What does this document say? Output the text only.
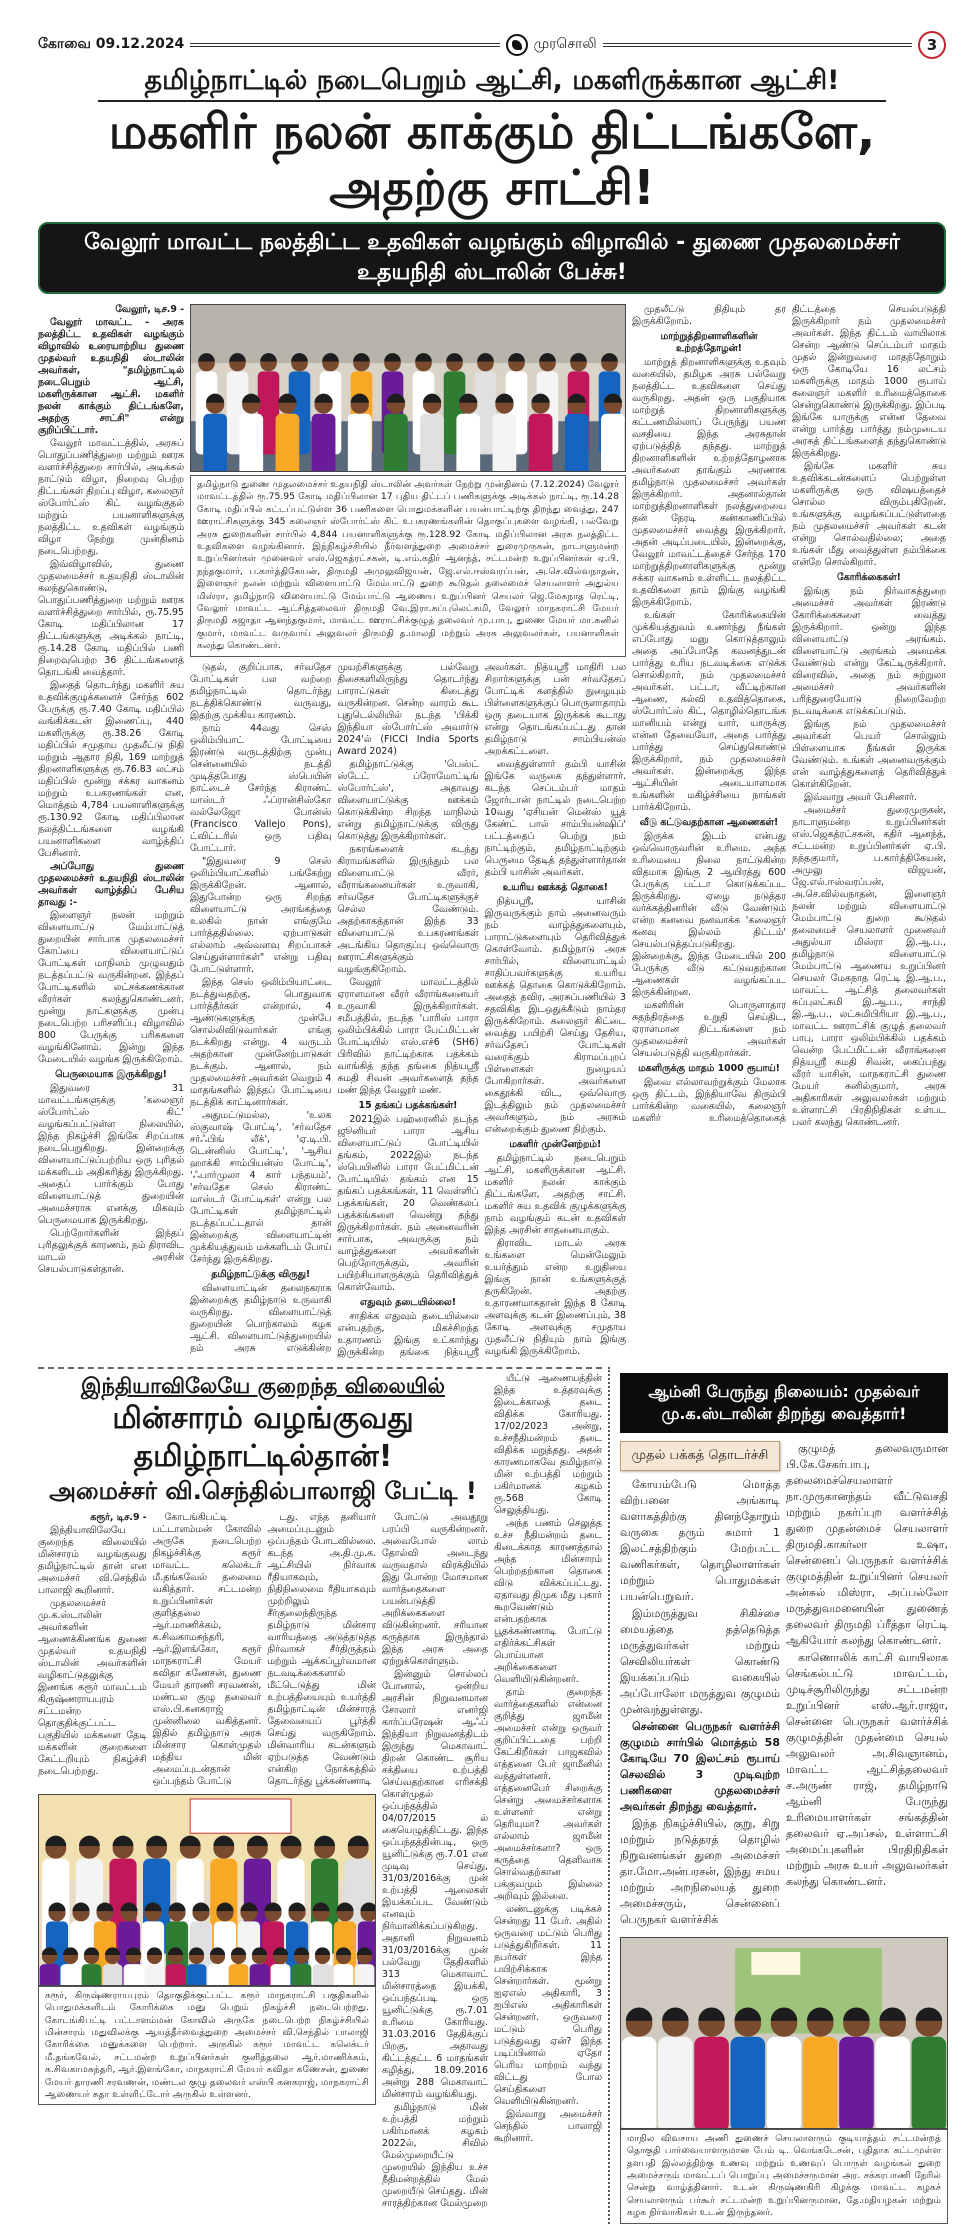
கோவை 09.12.2024	முரசொலி	3
தமிழ்நாட்டில் நடைபெறும் ஆட்சி, மகளிருக்கான ஆட்சி!
மகளிர் நலன் காக்கும் திட்டங்களே, அதற்கு சாட்சி!
வேலூர் மாவட்ட நலத்திட்ட உதவிகள் வழங்கும் விழாவில் - துணை முதலமைச்சர் உதயநிதி ஸ்டாலின் பேச்சு!

வேலூர், டிச.9 -

வேலூர் மாவட்ட - அரசு நலத்திட்ட உதவிகள் வழங்கும் விழாவில் உரையாற்றிய துணை முதல்வர் உதயநிதி ஸ்டாலின் அவர்கள், "தமிழ்நாட்டில் நடைபெறும் ஆட்சி, மகளிருக்கான ஆட்சி. மகளிர் நலன் காக்கும் திட்டங்களே, அதற்கு சாட்சி" என்று குறிப்பிட்டார்.

வேலூர் மாவட்டத்தில், அரசுப் பொதுப்பணித்துறை மற்றும் ஊரக வளர்ச்சித்துறை சார்பில், அடிக்கல் நாட்டும் விழா, நிறைவு பெற்ற திட்டங்கள் திறப்பு விழா, கலைஞர் ஸ்போர்ட்ஸ் கிட் வழங்குதல் மற்றும் பயனாளிகளுக்கு நலத்திட்ட உதவிகள் வழங்கும் விழா நேற்று முன்தினம் நடைபெற்றது.

இவ்விழாவில், துணை முதலமைச்சர் உதயநிதி ஸ்டாலின் கலந்துகொண்டு, பொதுப்பணித்துறை மற்றும் ஊரக வளர்ச்சித்துறை சார்பில், ரூ.75.95 கோடி மதிப்பிலான 17 திட்டங்களுக்கு அடிக்கல் நாட்டி, ரூ.14.28 கோடி மதிப்பில் பணி நிறைவுபெற்ற 36 திட்டங்களைத் தொடங்கி வைத்தார்.

இதைத் தொடர்ந்து மகளிர் சுய உதவிக்குழுக்களைச் சேர்ந்த 602 பேருக்கு ரூ.7.40 கோடி மதிப்பில் வங்கிக்கடன் இணைப்பு, 440 மகளிருக்கு ரூ.38.26 கோடி மதிப்பில் சமுதாய முதலீட்டு நிதி மற்றும் ஆதார நிதி, 169 மாற்றுத் திறனாளிகளுக்கு ரூ.76.83 லட்சம் மதிப்பில் மூன்று சக்கர வாகனம் மற்றும் உபகரணங்கள் என, மொத்தம் 4,784 பயனாளிகளுக்கு ரூ.130.92 கோடி மதிப்பிலான நலத்திட்டங்களை வழங்கி பயனாளிகளை வாழ்த்திப் பேசினார்.

அப்போது துணை முதலமைச்சர் உதயநிதி ஸ்டாலின் அவர்கள் வாழ்த்திப் பேசிய தாவது :-

இளைஞர் நலன் மற்றும் விளையாட்டு மேம்பாட்டுத் துறையின் சார்பாக முதலமைச்சர் கோப்பை விளையாட்டுப் போட்டிகள் மாநிலம் முழுவதும் நடத்தப்பட்டு வருகின்றன. இந்தப் போட்டிகளில் லட்சக்கணக்கான வீரர்கள் கலந்துகொண்டனர். மூன்று நாட்களுக்கு முன்பு நடைபெற்ற பரிசளிப்பு விழாவில் 800 பேருக்கு பரிசுகளை வழங்கினோம். இன்று இந்த மேடையில் வழங்க இருக்கிறோம்.

பெருமையாக இருக்கிறது!

இதுவரை 31 மாவட்டங்களுக்கு 'கலைஞர் ஸ்போர்ட்ஸ் கிட்' வழங்கப்பட்டுள்ள நிலையில், இந்த நிகழ்ச்சி இங்கே சிறப்பாக நடைபெறுகிறது. இன்றைக்கு விளையாட்டுப்பற்றிய ஒரு புரிதல் மக்களிடம் அதிகரித்து இருக்கிறது. அதைப் பார்க்கும் போது விளையாட்டுத் துறையின் அமைச்சராக எனக்கு மிகவும் பெருமையாக இருக்கிறது.

பெற்றோர்களின் இந்தப் புரிதலுக்குக் காரணம், நம் திராவிட மாடல் அரசின் செயல்பாடுகள்தான்.

தமிழ்நாடு துணை முதலமைச்சர் உதயநிதி ஸ்டாலின் அவர்கள் நேற்று முன்தினம் (7.12.2024) வேலூர் மாவட்டத்தில் ரூ.75.95 கோடி மதிப்பிலான 17 புதிய திட்டப் பணிகளுக்கு அடிக்கல் நாட்டி, ரூ.14.28 கோடி மதிப்பில் கட்டப்பட்டுள்ள 36 பணிகளை பொதுமக்களின் பயன்பாட்டிற்கு திறந்து வைத்து, 247 ஊராட்சிகளுக்கு 345 கலைஞர் ஸ்போர்ட்ஸ் கிட் உபகரணங்களின் தொகுப்புகளை வழங்கி, பல்வேறு அரசு துறைகளின் சார்பில் 4,844 பயனாளிகளுக்கு ரூ.128.92 கோடி மதிப்பிலான அரசு நலத்திட்ட உதவிகளை வழங்கினார். இந்நிகழ்ச்சியில் நீர்வளத்துறை அமைச்சர் துரைமுருகன், நாடாளுமன்ற உறுப்பினர்கள் முனைவர் எஸ்.ஜெகத்ரட்சகன், டி.எம்.கதிர் ஆனந்த், சட்டமன்ற உறுப்பினர்கள் ஏ.பி. நந்தகுமார், ப.கார்த்திகேயன், திருமதி அமுலுவிஜயன், ஜே.எல்.ஈஸ்வரப்பன், அ.செ.வில்வநாதன், இளைஞர் நலன் மற்றும் விளையாட்டு மேம்பாட்டு துறை கூடுதல் தலைமைச் செயலாளர் அதுல்ய மிஸ்ரா, தமிழ்நாடு விளையாட்டு மேம்பாட்டு ஆணைய உறுப்பினர் செயலர் ஜெ.மேகநாத ரெட்டி, வேலூர் மாவட்ட ஆட்சித்தலைவர் திருமதி வே.இரா.சுப்புலெட்சுமி, வேலூர் மாநகராட்சி மேயர் திருமதி சுஜாதா ஆனந்தகுமார், மாவட்ட ஊராட்சிக்குழுத் தலைவர் மு.பாபு, துணை மேயர் மா.சுனில் குமார், மாவட்ட வருவாய் அலுவலர் திருமதி த.மாலதி மற்றும் அரசு அலுவலர்கள், பயனாளிகள் கலந்து கொண்டனர்.

டுதல், குறிப்பாக, சர்வதேச போட்டிகள் பல வற்றை தமிழ்நாட்டில் தொடர்ந்து நடத்திக்கொண்டு வருவது, இதற்கு முக்கிய காரணம்.

நாம் 44வது செஸ் ஒலிம்பியாட் போட்டியை இரண்டு வருடத்திற்கு முன்பு சென்னையில் நடத்தி முடித்தபோது ஸ்பெயின் நாட்டைச் சேர்ந்த கிராண்ட் மாஸ்டர் ஃப்ரான்சிஸ்கோ வல்லேஜோ போன்ஸ் (Francisco Vallejo Pons), ட்விட்டரில் ஒரு பதிவு போட்டார்.

"இதுவரை 9 செஸ் ஒலிம்பியாட்களில் பங்கேற்று இருக்கிறேன். ஆனால், இதுபோன்ற ஒரு சிறந்த விளையாட்டு அரங்கத்தை உலகில் நான் எங்குமே பார்த்ததில்லை. ஏற்பாடுகள் எல்லாம் அவ்வளவு சிறப்பாகச் செய்துள்ளார்கள்" என்று பதிவு போட்டுள்ளார்.

இந்த செஸ் ஒலிம்பியாட்டை நடத்துவதற்கு, பொதுவாக பார்த்தீர்கள் என்றால், 4 ஆண்டுகளுக்கு முன்பே சொல்லிவிடுவார்கள் எங்கு நடக்கிறது என்று. 4 வருடம் அதற்கான முன்னேற்பாடுகள் நடக்கும். ஆனால், நம் முதலமைச்சர் அவர்கள் வெறும் 4 மாதங்களில் இந்தப் போட்டியை நடத்திக் காட்டினார்கள்.

அதுமட்டுமல்ல, 'உலக ஸ்குவாஷ் போட்டி', 'சர்வதேச சர்ஃபிங் லீக்', 'ஏ.டி.பி. டென்னிஸ் போட்டி', 'ஆசிய ஹாக்கி சாம்பியன்ஸ் போட்டி', 'ஃபார்முலா 4 கார் பந்தயம்', 'சர்வதேச செஸ் கிராண்ட் மாஸ்டர் போட்டிகள்' என்று பல போட்டிகள் தமிழ்நாட்டில் நடத்தப்பட்டதால் தான் இன்றைக்கு விளையாட்டின் முக்கியத்துவம் மக்களிடம் போய் சேர்ந்து இருக்கிறது.

தமிழ்நாட்டுக்கு விருது!

விளையாட்டின் தலைநகராக இன்றைக்கு தமிழ்நாடு உருவாகி வருகிறது. விளையாட்டுத் துறையின் பொற்காலம் கழக ஆட்சி. விளையாட்டுத்துறையில் நம் அரசு எடுக்கின்ற முயற்சிகளுக்கு பல்வேறு திசைகளிலிருந்து தொடர்ந்து பாராட்டுகள் கிடைத்து வருகின்றன. சென்ற வாரம் கூட புதுடெல்லியில் நடந்த 'பிக்கி இந்தியா ஸ்போர்ட்ஸ் அவார்டு 2024'ல் (FICCI India Sports Award 2024)

தமிழ்நாட்டுக்கு 'பெஸ்ட் ஸ்டேட் ப்ரோமோட்டிங் ஸ்போர்ட்ஸ்', அதாவது விளையாட்டுக்கு ஊக்கம் கொடுக்கின்ற சிறந்த மாநிலம் என்று தமிழ்நாட்டுக்கு விருது கொடுத்து இருக்கிறார்கள்.

நகரங்களைக் கடந்து கிராமங்களில் இருந்தும் பல விளையாட்டு வீரர், வீராங்கனையர்கள் உருவாகி, சர்வதேச போட்டிகளுக்குச் செல்ல வேண்டும். அதற்காகத்தான் இந்த 33 விளையாட்டு உபகரணங்கள் அடங்கிய தொகுப்பு ஒவ்வொரு ஊராட்சிகளுக்கும் வழங்குகிறோம்.

வேலூர் மாவட்டத்தில் ஏராளமான வீரர் வீராங்கனையர் உருவாகி இருக்கிறார்கள். சமீபத்தில், நடந்த 'பாரிஸ் பாரா ஒலிம்பிக்கில் பாரா பேட்மிட்டன் போட்டியில் எஸ்.எச்6 (SH6) பிரிவில் நாட்டிற்காக பதக்கம் வாங்கித் தந்த தங்கை நித்யஸ்ரீ சுமதி சிவன் அவர்களைத் தந்த மண் இந்த வேலூர் மண்.

15 தங்கப் பதக்கங்கள்!

2021இல் பஹ்ரைனில் நடந்த ஜூனியர் பாரா ஆசிய விளையாட்டுப் போட்டியில் தங்கம், 2022இல் நடந்த ஸ்பெயினில் பாரா பேட்மிட்டன் போட்டியில் தங்கம் என 15 தங்கப் பதக்கங்கள், 11 வெள்ளிப் பதக்கங்கள், 20 வெண்கலப் பதக்கங்களை வென்று தந்து இருக்கிறார்கள். நம் அனைவரின் சார்பாக, அவருக்கு நம் வாழ்த்துகளை அவர்களின் பெற்றோருக்கும், அவரின் பயிற்சியாளருக்கும் தெரிவித்துக் கொள்வோம்.

எதுவும் தடையில்லை!

சாதிக்க எதுவும் தடையில்லை என்பதற்கு, மிகச்சிறந்த உதாரணம் இங்கு உட்கார்ந்து இருக்கின்ற தங்கை நித்யஸ்ரீ அவர்கள். நித்யஸ்ரீ மாதிரி பல சிறார்களுக்கு பன் சர்வதேசப் போட்டிக் களத்தில் நுழையும் பிள்ளைகளுக்குப் பொருளாதாரம் ஒரு தடையாக இருக்கக் கூடாது என்று தொடங்கப்பட்டது தான் தமிழ்நாடு சாம்பியன்ஸ் அறக்கட்டளை.

வைத்துள்ளார் தம்பி யாசின் இங்கே வருகை தந்துள்ளார். கடந்த செப்டம்பர் மாதம் ஜோர்டான் நாட்டில் நடைபெற்ற 10வது 'ஏசியன் மென்ஸ் யூத் கேண்ட் பால் சாம்பியன்ஷிப்' பட்டத்தைப் பெற்று நம் நாட்டிற்கும், தமிழ்நாட்டிற்கும் பெருமை தேடித் தந்துள்ளார்தான் தம்பி யாசின் அவர்கள்.

உயரிய ஊக்கத் தொகை!

நித்யஸ்ரீ, யாசின் இருவருக்கும் நாம் அனைவரும் நம் வாழ்த்துகளையும், பாராட்டுகளையும் தெரிவித்துக் கொள்வோம். தமிழ்நாடு அரசு சார்பில், விளையாட்டில் சாதிப்பவர்களுக்கு உயரிய ஊக்கத் தொகை கொடுக்கிறோம். அதைத் தவிர, அரசுப்பணியில் 3 சதவிகித இடஒதுக்கீடும் நாம்தர இருக்கிறோம். கலைஞர் கிட்டை வைத்து பயிற்சி செய்து தேசிய, சர்வதேசப் போட்டிகள் வரைக்கும் கிராமப்புறப் பிள்ளைகள் நுழையப் போகிறார்கள். அவர்களை கைதூக்கி விட, ஒவ்வொரு இடத்திலும் நம் முதலமைச்சர் அவர்களும், நம் அரசும் என்றைக்கும் துணை நிற்கும்.

மகளிர் முன்னேற்றம்!

தமிழ்நாட்டில் நடைபெறும் ஆட்சி, மகளிருக்கான ஆட்சி. மகளிர் நலன் காக்கும் திட்டங்களே, அதற்கு சாட்சி. மகளிர் சுய உதவிக் குழுக்களுக்கு நாம் வழங்கும் கடன் உதவிகள் இந்த அரசின் சாதனையாகும்.

திராவிட மாடல் அரசு உங்களை மென்மேலும் உயர்த்தும் என்ற உறுதியை இங்கு நான் உங்களுக்குத் தருகிறேன். அதற்கு உதாரணமாகதான் இந்த 8 கோடி அளவுக்கு கடன் இணைப்பும், 38 கோடி அளவுக்கு சமுதாய முதலீட்டு நிதியும் நாம் இங்கு வழங்கி இருக்கிறோம்.

முதலீட்டு நிதியும் தர இருக்கிறோம்.

மாற்றுத்திறனாளிகளின் உற்றத்தோழன்!

மாற்றுத் திறனாளிகளுக்கு உதவும் வகையில், தமிழக அரசு பல்வேறு நலத்திட்ட உதவிகளை செய்து வருகிறது. அதன் ஒரு பகுதியாக மாற்றுத் திறனாளிகளுக்கு கட்டணமில்லாப் பேருந்து பயண வசதியை இந்த அரசுதான் ஏற்படுத்தித் தந்தது. மாற்றுத் திறனாளிகளின் உற்றத்தோழனாக அவர்களை தாங்கும் அரணாக தமிழ்நாடு முதலமைச்சர் அவர்கள் இருக்கிறார். அதனால்தான் மாற்றுத்திறனாளிகள் நலத்துறையை தன் நேரடி கண்காணிப்பில் முதலமைச்சர் வைத்து இருக்கிறார். அதன் அடிப்படையில், இன்றைக்கு, வேலூர் மாவட்டத்தைச் சேர்ந்த 170 மாற்றுத்திறனாளிகளுக்கு மூன்று சக்கர வாகனம் உள்ளிட்ட நலத்திட்ட உதவிகளை நாம் இங்கு வழங்கி இருக்கிறோம்.

உங்கள் கோரிக்கையின் முக்கியத்துவம் உணர்ந்து நீங்கள் எப்போது மனு கொடுத்தாலும் அதை அப்போதே கவனத்துடன் பார்த்து உரிய நடவடிக்கை எடுக்க சொல்கிறார், நம் முதலமைச்சர் அவர்கள். பட்டா, வீட்டிற்கான ஆணை, கல்வி உதவித்தொகை, ஸ்போர்ட்ஸ் கிட், தொழில்தொடங்க மானியம் என்று யார், யாருக்கு என்ன தேவையோ, அதை பார்த்து பார்த்து செய்துகொண்டு இருக்கிறார், நம் முதலமைச்சர் அவர்கள். இன்றைக்கு இந்த ஆட்சியின் அடையாளமாக உங்களின் மகிழ்ச்சியை நாங்கள் பார்க்கிறோம்.

வீடு கட்டுவதற்கான ஆணைகள்!

இருக்க இடம் என்பது ஒவ்வொருவரின் உரிமை. அந்த உரிமையை நிலை நாட்டுகின்ற விதமாக இங்கு 2 ஆயிரத்து 600 பேருக்கு பட்டா கொடுக்கப்பட இருக்கிறது. ஏழை நடுத்தர வர்க்கத்தினரின் வீடு வேண்டும் என்ற கனவை நனவாக்க 'கலைஞர் கனவு இல்லம் திட்டம்' செயல்படுத்தப்படுகிறது. இன்றைக்கு, இந்த மேடையில் 200 பேருக்கு வீடு கட்டுவதற்கான ஆணைகள் வழங்கப்பட இருக்கின்றன.

மகளிரின் பொருளாதார சுதந்திரத்தை உறுதி செய்திட, ஏராளமான திட்டங்களை நம் முதலமைச்சர் அவர்கள் செயல்படுத்தி வருகிறார்கள்.

மகளிருக்கு மாதம் 1000 ரூபாய்!

இவை எல்லாவற்றுக்கும் மேலாக ஒரு திட்டம், இந்தியாவே திரும்பி பார்க்கின்ற வகையில், கலைஞர் மகளிர் உரிமைத்தொகைத் திட்டத்தை செயல்படுத்தி இருக்கிறார் நம் முதலமைச்சர் அவர்கள். இந்த திட்டம் வாயிலாக சென்ற ஆண்டு செப்டம்பர் மாதம் முதல் இன்றுவரை மாதந்தோறும் ஒரு கோடியே 16 லட்சம் மகளிருக்கு மாதம் 1000 ரூபாய் கலைஞர் மகளிர் உரிமைத்தொகை சென்றுகொண்டு இருக்கிறது. இப்படி இங்கே யாருக்கு என்ன தேவை என்று பார்த்து பார்த்து நம்முடைய அரசுத் திட்டங்களைத் தந்துகொண்டு இருக்கிறது.

இங்கே மகளிர் சுய உதவிக்கடன்களைப் பெற்றுள்ள மகளிருக்கு ஒரு விஷயத்தைச் சொல்ல விரும்புகிறேன். உங்களுக்கு வழங்கப்பட்டுள்ளதை நம் முதலமைச்சர் அவர்கள் கடன் என்று சொல்வதில்லை; அதை உங்கள் மீது வைத்துள்ள நம்பிக்கை என்றே சொல்கிறார்.

கோரிக்கைகள்!

இங்கு நம் நிர்வாகத்துறை அமைச்சர் அவர்கள் இரண்டு கோரிக்கைகளை வைத்து இருக்கிறார். ஒன்று இந்த விளையாட்டு அரங்கம். விளையாட்டு அரங்கம் அமைக்க வேண்டும் என்று கேட்டிருக்கிறார். விரைவில், அதை நம் சுற்றுலா அமைச்சர் அவர்களின் பரிந்துரையோடு நிறைவேற்ற நடவடிக்கை எடுக்கப்படும்.

இங்கு நம் முதலமைச்சர் அவர்கள் பெயர் சொல்லும் பிள்ளையாக நீங்கள் இருக்க வேண்டும். உங்கள் அனைவருக்கும் என் வாழ்த்துகளைத் தெரிவித்துக் கொள்கிறேன்.

இவ்வாறு அவர் பேசினார்.

அமைச்சர் துரைமுருகன், நாடாளுமன்ற உறுப்பினர்கள் எஸ்.ஜெகத்ரட்சகன், கதிர் ஆனந்த், சட்டமன்ற உறுப்பினர்கள் ஏ.பி. நந்தகுமார், ப.கார்த்திகேயன், அமுலு விஜயன், ஜே.எல்.ஈஸ்வரப்பன், அ.செ.வில்வநாதன், இளைஞர் நலன் மற்றும் விளையாட்டு மேம்பாட்டு துறை கூடுதல் தலைமைச் செயலாளர் முனைவர் அதுல்யா மிஸ்ரா இ.ஆ.ப., தமிழ்நாடு விளையாட்டு மேம்பாட்டு ஆணைய உறுப்பினர் செயலர் மேகநாத ரெட்டி இ.ஆ.ப., மாவட்ட ஆட்சித் தலைவர்கள் சுப்புலட்சுமி இ.ஆ.ப., சாந்தி இ.ஆ.ப., லட்சுமிபிரியா இ.ஆ.ப., மாவட்ட ஊராட்சிக் குழுத் தலைவர் பாபு, பாரா ஒலிம்பிக்கில் பதக்கம் வென்ற பேட்மிட்டன் வீராங்கனை நித்யஸ்ரீ சுமதி சிவன், கைப்பந்து வீரர் யாசின், மாநகராட்சி துணை மேயர் சுனில்குமார், அரசு அதிகாரிகள் அலுவலர்கள் மற்றும் உள்ளாட்சி பிரதிநிதிகள் உள்பட பலர் கலந்து கொண்டனர்.

இந்தியாவிலேயே குறைந்த விலையில்
மின்சாரம் வழங்குவது தமிழ்நாட்டில்தான்!
அமைச்சர் வி.செந்தில்பாலாஜி பேட்டி !

கரூர், டிச.9 -

இந்தியாவிலேயே குறைந்த விலையில் மின்சாரம் வழங்குவது தமிழ்நாட்டில் தான் என அமைச்சர் வி.செந்தில் பாலாஜி கூறினார்.

முதலமைச்சர் மு.க.ஸ்டாலின் அவர்களின் ஆணைக்கிணங்க துணை முதல்வர் உதயநிதி ஸ்டாலின் அவர்களின் வழிகாட்டுதலுக்கு இணங்க கரூர் மாவட்டம் கிருஷ்ணராயபுரம் சட்டமன்ற தொகுதிக்குட்பட்ட பகுதியில் மக்களை தேடி மக்களின் குறைகளை கேட்டறியும் நிகழ்ச்சி நடைபெற்றது.

கோடங்கிபட்டி பட்டாளம்மன் கோவில் அருகே நடைபெற்ற நிகழ்ச்சிக்கு கரூர் மாவட்ட கலெக்டர் மீ.தங்கவேல் தலைமை வகித்தார். சட்டமன்ற உறுப்பினர்கள் குளித்தலை ஆர்.மாணிக்கம், க.சிவகாமசுந்தரி, ஆர்.இளங்கோ, கரூர் மாநகராட்சி மேயர் கவிதா கணேசன், துணை மேயர் தாரணி சரவணன், மண்டல குழு தலைவர் எஸ்.பி.கனகராஜ் முன்னிலை வகித்தனர். இதில் தமிழ்நாடு அரசு மின்சார கொள்முதல் மத்திய மின் அமைப்புடன்தான் ஒப்பந்தம் போட்டு

டது. எந்த தனியார் அமைப்புடனும் ஒப்பந்தம் போடவில்லை. கடந்த அ.தி.மு.க. ஆட்சியில் நிர்வாக ரீதியாகவும், நிதிநிலைமை ரீதியாகவும் முற்றிலும் சீர்குலைந்திருந்த தமிழ்நாடு மின்சார வாரியத்தை அடுத்தடுத்த நிர்வாகச் சீர்திருத்தம் மற்றும் ஆக்கப்பூர்வமான நடவடிக்கைகளால் மீட்டெடுத்து மின் உற்பத்தியையும் உயர்த்தி தமிழ்நாட்டின் மின்சாரத் தேவையைப் பூர்த்தி செய்து வருகிறோம். மின்வாரிய கடன்களும் ஏற்படுத்த வேண்டும் என்கிற நோக்கத்தில் தொடர்ந்து பூக்கண்ணாடி

கரூர், கிருஷ்ணராயபுரம் தொகுதிக்குட்பட்ட கரூர் மாநகராட்சி பகுதிகளில் பொதுமக்களிடம் கோரிக்கை மனு பெறும் நிகழ்ச்சி நடைபெற்றது. கோடங்கிபட்டி பட்டாளம்மன் கோவில் அருகே நடைபெற்ற நிகழ்ச்சியில் மின்சாரம் மதுவிலக்கு ஆயத்தீர்வைத்துறை அமைச்சர் வி.செந்தில் பாலாஜி கோரிக்கை மனுக்களை பெற்றார். அருகில் கரூர் மாவட்ட கலெக்டர் மீ.தங்கவேல், சட்டமன்ற உறுப்பினர்கள் குளித்தலை ஆர்.மாணிக்கம், க.சிவகாமசுந்தரி, ஆர்.இளங்கோ, மாநகராட்சி மேயர் கவிதா கணேசன், துணை மேயர் தாரணி சரவணன், மண்டல குழு தலைவர் எஸ்பி கனகராஜ், மாநகராட்சி ஆணையர் சுதா உள்ளிட்டோர் அருகில் உள்ளனர்.

போட்டு அவதூறு பரப்பி வருகின்றனர். அவைபோல் லாம் தோல்வி அடைந்து வருவதால் விரக்தியில் இது போன்ற மோசமான வார்த்தைகளை பயன்படுத்தி அறிக்கைகளை விடுகின்றனர். சரியான கருத்தாக இருந்தால் இந்த அரசு அதை ஏற்றுக்கொள்ளும்.

இன்னும் சொல்லப் போனால், ஒன்றிய அரசின் நிறுவனமான சோலார் எனர்ஜி கார்ப்பரேஷன் ஆஃப் இந்தியா நிறுவனத்திடம் இருந்து மெகாவாட் திறன் கொண்ட சூரிய சக்தியை உற்பத்தி செய்வதற்கான எரிசக்தி கொள்முதல் ஒப்பந்தத்தில் 04/07/2015 ல் கையெழுத்திட்டது. இந்த ஒப்பந்தத்தின்படி, ஒரு யூனிட்டுக்கு ரூ.7.01 என முடிவு செய்து, 31/03/2016க்கு முன் உற்பத்தி ஆலைகள் இயக்கப்பட வேண்டும் எனவும் நிர்மானிக்கப்படுகிறது. அதானி நிறுவனம் 31/03/2016க்கு முன் பல்வேறு தேதிகளில் 313 மெகாவாட் மின்சாரத்தை இயக்கி, ஒப்பந்தப்படி ஒரு யூனிட்டுக்கு ரூ.7.01 உரிமை கோரியது. 31.03.2016 தேதிக்குப் பிறகு, அதாவது கிட்டத்தட்ட 6 மாதங்கள் கழித்து, 18.09.2016 அன்று 288 மெகாவாட் மின்சாரம் வழங்கியது.

தமிழ்நாடு மின் உற்பத்தி மற்றும் பகிர்மானக் கழகம் 2022ல், சிவில் மேல்முறையீட்டு முறையில் இந்திய உச்ச நீதிமன்றத்தில் மேல் முறையீடு செய்தது. மின் சாரத்திற்கான மேல்முறை

யீட்டு ஆணையத்தின் இந்த உத்தரவுக்கு இடைக்காலத் தடை விதிக்க கோரியது. 17/02/2023 அன்று, உச்சநீதிமன்றம் தடை விதிக்க மறுத்தது. அதன் காரணமாகவே தமிழ்நாடு மின் உற்பத்தி மற்றும் பகிர்மானக் கழகம் ரூ.568 கோடி செலுத்தியது.

அந்த பணம் செலுத்த உச்ச நீதிமன்றம் தடை கிடைக்காத காரணத்தால் அந்த மின்சாரம் பெற்றதற்கான தொகை விடு விக்கப்பட்டது. ஏதாவது திமுக மீது புகார் கூறவேண்டும் என்பதற்காக பூதக்கண்ணாடி போட்டு எதிர்க்கட்சிகள் பொய்யான அறிக்கைகளை வெளியிடுகின்றனர்.

தாம் குறைந்த வார்த்தைகளில் என்னை குறித்து ஜாமீன் அமைச்சர் என்று ஒருவர் குறிப்பிட்டதை பற்றி கேட்கிறீர்கள் பாஜகவில் எத்தனை பேர் ஜாமீனில் வந்துள்ளனர். எத்தனைபேர் சிறைக்கு சென்று அமைச்சர்களாக உள்ளனர் என்று தெரியுமா? அவர்கள் எல்லாம் ஜாமீன் அமைச்சர்களா? ஒரு கருத்தை தெளிவாக சொல்வதற்கான பக்குவமும் இல்லை அறிவும் இல்லை.

லண்டனுக்கு படிக்கச் சென்றது 11 பேர். அதில் ஒருவரை மட்டும் பெரிது படுத்துகிறீர்கள். 11 நபர்கள் இந்த பயிற்சிக்காக சென்றார்கள். மூன்று ஐஏஎஸ் அதிகாரி, 3 ஐபிஎஸ் அதிகாரிகள் சென்றனர். ஒருவரை மட்டும் பெரிது படுத்துவது ஏன்? இந்த படிப்பினால் ஏதோ பெரிய மாற்றம் வந்து விட்டது போல செய்திகளை வெளியிடுகின்றனர்.

இவ்வாறு அமைச்சர் செந்தில் பாலாஜி கூறினார்.

ஆம்னி பேருந்து நிலையம்: முதல்வர் மு.க.ஸ்டாலின் திறந்து வைத்தார்!
முதல் பக்கத் தொடர்ச்சி

கோயம்பேடு மொத்த விற்பனை அங்காடி வளாகத்திற்கு தினந்தோறும் வருகை தரும் சுமார் 1 இலட்சத்திற்கும் மேற்பட்ட வணிகர்கள், தொழிலாளர்கள் மற்றும் பொதுமக்கள் பயன்பெறுவர்.

இம்மருத்துவ சிகிச்சை மையத்தை தத்தெடுத்த மருத்துவர்கள் மற்றும் செவிலியர்கள் கொண்டு இயக்கப்படும் வகையில் அப்போலோ மருத்துவ குழுமம் முன்வந்துள்ளது.

சென்னை பெருநகர் வளர்ச்சி குழுமம் சார்பில் மொத்தம் 58 கோடியே 70 இலட்சம் ரூபாய் செலவில் 3 முடிவுற்ற பணிகளை முதலமைச்சர் அவர்கள் திறந்து வைத்தார்.

இந்த நிகழ்ச்சியில், குறு, சிறு மற்றும் நடுத்தரத் தொழில் நிறுவனங்கள் துறை அமைச்சர் தா.மோ.அன்பரசன், இந்து சமய மற்றும் அறநிலையத் துறை அமைச்சரும், சென்னைப் பெருநகர் வளர்ச்சிக்

குழுமத் தலைவருமான பி.கே.சேகர்பாபு, தலைமைச்செயலாளர் நா.முருகானந்தம் வீட்டுவசதி மற்றும் நகர்ப்புற வளர்ச்சித் துறை முதன்மைச் செயலாளர் திருமதி.காகர்லா உஷா, சென்னைப் பெருநகர் வளர்ச்சிக் குழுமத்தின் உறுப்பினர் செயலர் அன்சுல் மிஸ்ரா, அப்பல்லோ மருத்துவமனையின் துணைத் தலைவர் திருமதி ப்ரீத்தா ரெட்டி ஆகியோர் கலந்து கொண்டனர்.

காணொலிக் காட்சி வாயிலாக செங்கல்பட்டு மாவட்டம், முடிச்சூரிலிருந்து சட்டமன்ற உறுப்பினர் எஸ்.ஆர்.ராஜா, சென்னை பெருநகர் வளர்ச்சிக் குழுமத்தின் முதன்மை செயல் அலுவலர் அ.சிவஞானம், மாவட்ட ஆட்சித்தலைவர் ச.அருண் ராஜ், தமிழ்நாடு ஆம்னி பேருந்து உரிமையாளர்கள் சங்கத்தின் தலைவர் ஏ.அப்சல், உள்ளாட்சி அமைப்புகளின் பிரதிநிதிகள் மற்றும் அரசு உயர் அலுவலர்கள் கலந்து கொண்டனர்.

மாநில விவசாய அணி துணைச் செயலாளரும் குடியாத்தம் சட்டமன்றத் தொகுதி பார்வையாளருமான பேம் டி. வெங்கடேசன், புதிதாக கட்டமுள்ள தளபதி இல்லத்திற்கு உணவு மற்றும் உணவுப் பொருள் வழங்கல் துறை அமைச்சரும் மாவட்டப் பொறுப்பு அமைச்சருமான அர. சக்கரபாணி நேரில் சென்று வாழ்த்தினார். உடன் கிருஷ்ணகிரி கிழக்கு மாவட்ட கழகச் செயலாளரும் பர்கூர் சட்டமன்ற உறுப்பினருமான, தே.மதியழகன் மற்றும் கழக நிர்வாகிகள் உடன் இருந்தனர்.
